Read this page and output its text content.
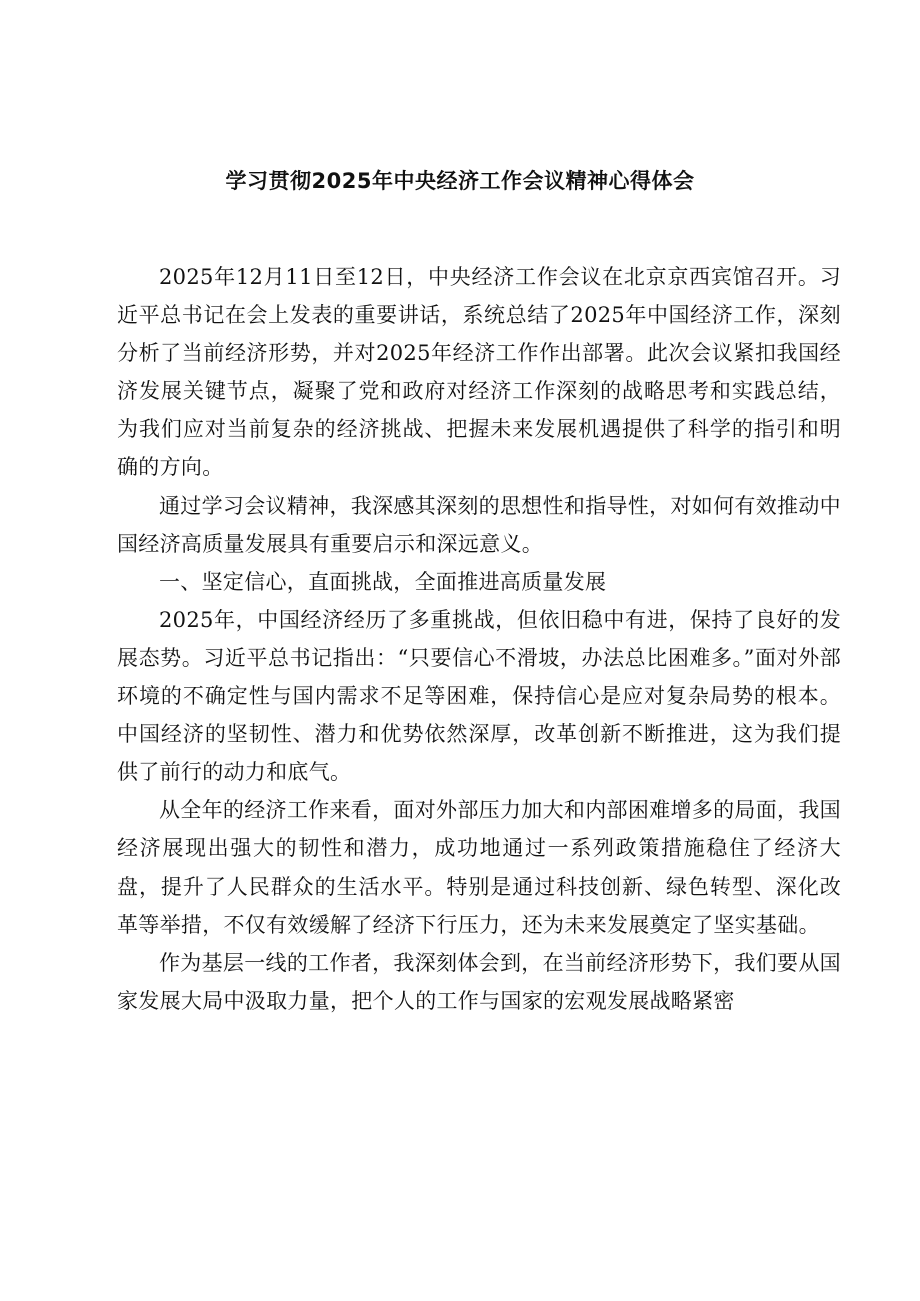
学习贯彻2025年中央经济工作会议精神心得体会

2025年12月11日至12日，中央经济工作会议在北京京西宾馆召开。习近平总书记在会上发表的重要讲话，系统总结了2025年中国经济工作，深刻分析了当前经济形势，并对2025年经济工作作出部署。此次会议紧扣我国经济发展关键节点，凝聚了党和政府对经济工作深刻的战略思考和实践总结，为我们应对当前复杂的经济挑战、把握未来发展机遇提供了科学的指引和明确的方向。

通过学习会议精神，我深感其深刻的思想性和指导性，对如何有效推动中国经济高质量发展具有重要启示和深远意义。

一、坚定信心，直面挑战，全面推进高质量发展

2025年，中国经济经历了多重挑战，但依旧稳中有进，保持了良好的发展态势。习近平总书记指出：“只要信心不滑坡，办法总比困难多。”面对外部环境的不确定性与国内需求不足等困难，保持信心是应对复杂局势的根本。中国经济的坚韧性、潜力和优势依然深厚，改革创新不断推进，这为我们提供了前行的动力和底气。

从全年的经济工作来看，面对外部压力加大和内部困难增多的局面，我国经济展现出强大的韧性和潜力，成功地通过一系列政策措施稳住了经济大盘，提升了人民群众的生活水平。特别是通过科技创新、绿色转型、深化改革等举措，不仅有效缓解了经济下行压力，还为未来发展奠定了坚实基础。

作为基层一线的工作者，我深刻体会到，在当前经济形势下，我们要从国家发展大局中汲取力量，把个人的工作与国家的宏观发展战略紧密
